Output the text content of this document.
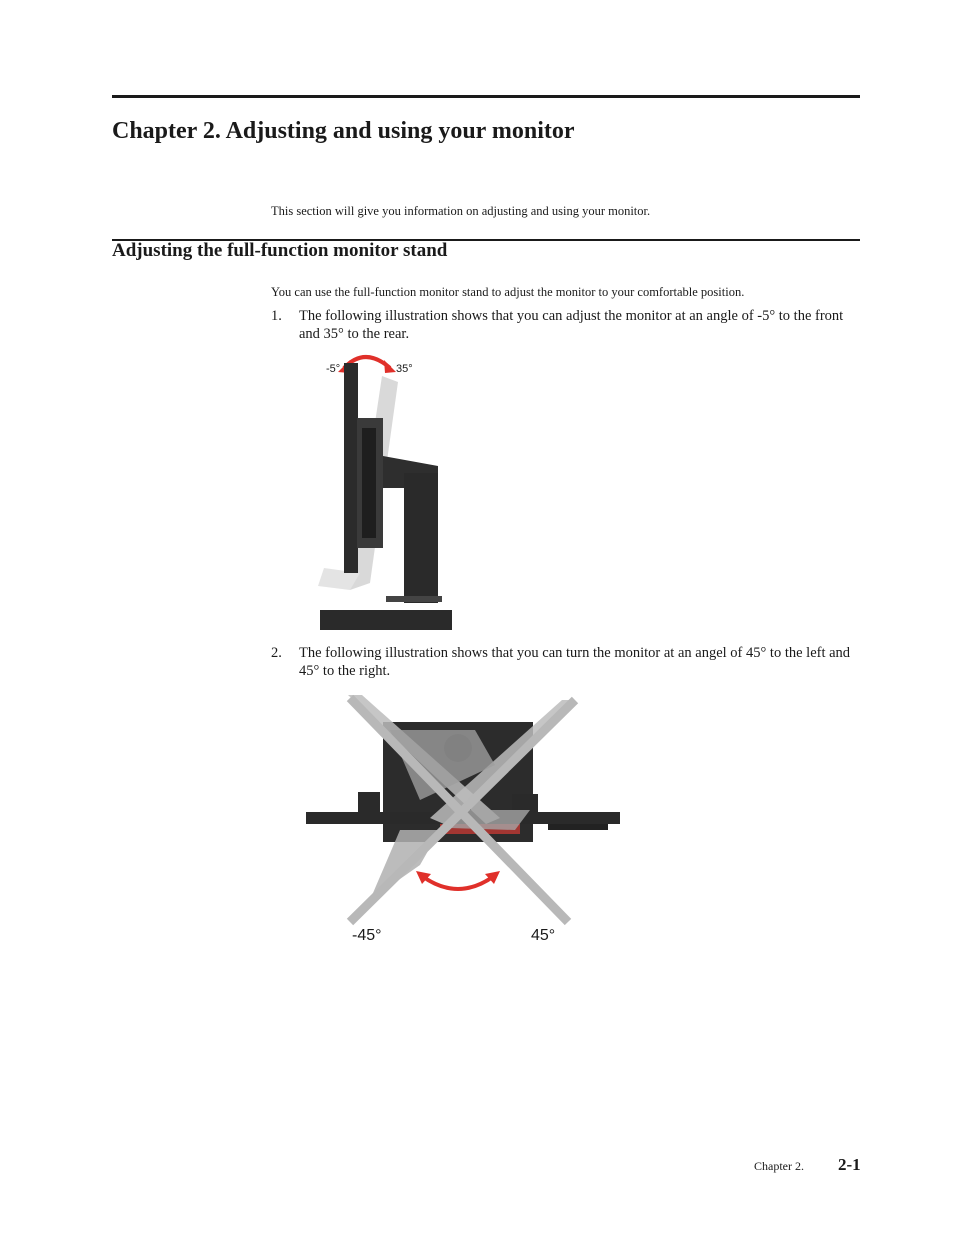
Chapter 2. Adjusting and using your monitor
This section will give you information on adjusting and using your monitor.
Adjusting the full-function monitor stand
You can use the full-function monitor stand to adjust the monitor to your comfortable position.
1. The following illustration shows that you can adjust the monitor at an angle of -5° to the front and 35° to the rear.
-5°	35°
2. The following illustration shows that you can turn the monitor at an angel of 45° to the left and 45° to the right.
-45°	45°
Chapter 2. 2-1
